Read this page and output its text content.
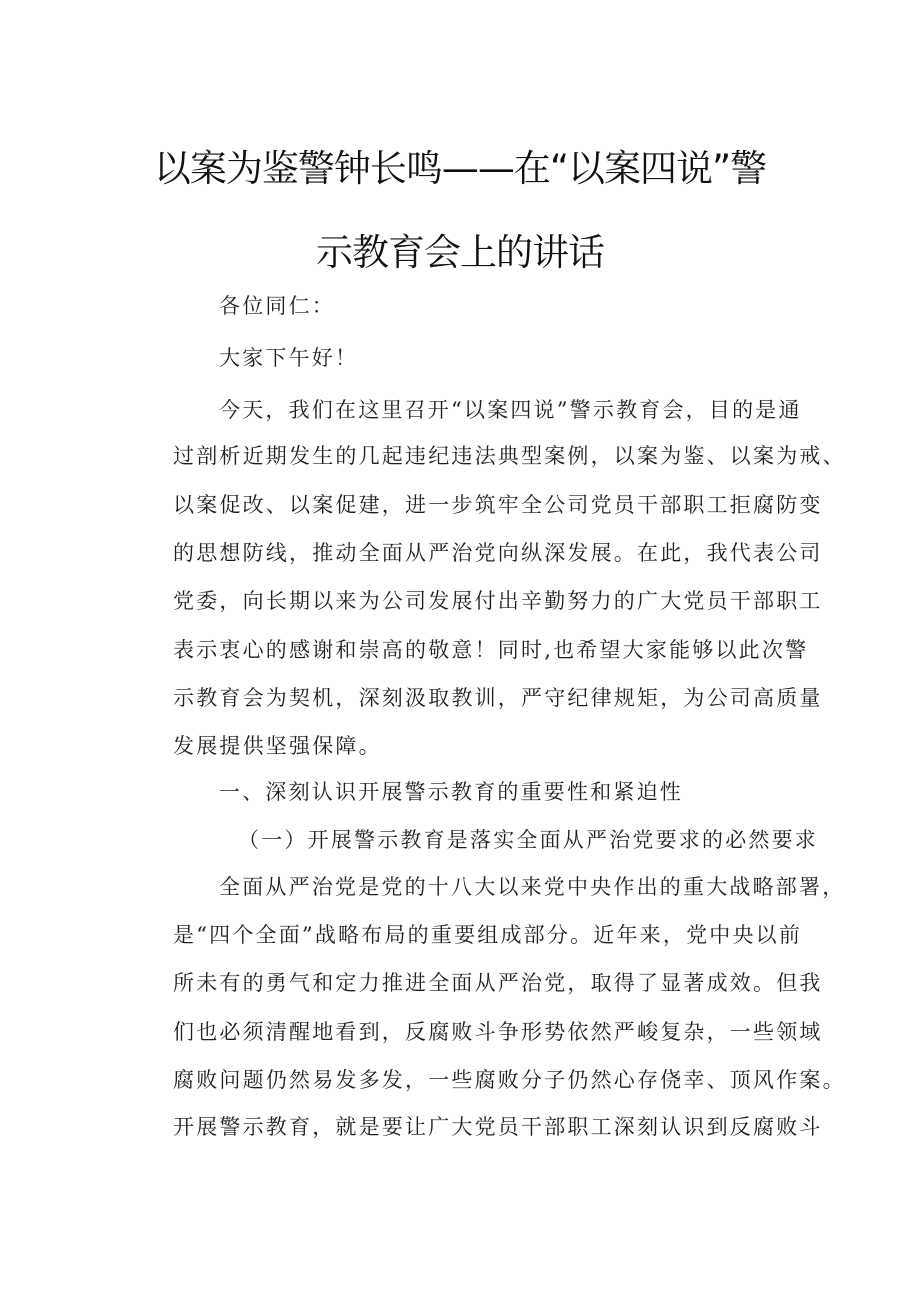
以案为鉴警钟长鸣——在“以案四说”警
示教育会上的讲话
各位同仁：
大家下午好！
今天，我们在这里召开“以案四说”警示教育会，目的是通
过剖析近期发生的几起违纪违法典型案例，以案为鉴、以案为戒、
以案促改、以案促建，进一步筑牢全公司党员干部职工拒腐防变
的思想防线，推动全面从严治党向纵深发展。在此，我代表公司
党委，向长期以来为公司发展付出辛勤努力的广大党员干部职工
表示衷心的感谢和崇高的敬意！同时,也希望大家能够以此次警
示教育会为契机，深刻汲取教训，严守纪律规矩，为公司高质量
发展提供坚强保障。
一、深刻认识开展警示教育的重要性和紧迫性
（一）开展警示教育是落实全面从严治党要求的必然要求
全面从严治党是党的十八大以来党中央作出的重大战略部署，
是“四个全面”战略布局的重要组成部分。近年来，党中央以前
所未有的勇气和定力推进全面从严治党，取得了显著成效。但我
们也必须清醒地看到，反腐败斗争形势依然严峻复杂，一些领域
腐败问题仍然易发多发，一些腐败分子仍然心存侥幸、顶风作案。
开展警示教育，就是要让广大党员干部职工深刻认识到反腐败斗
